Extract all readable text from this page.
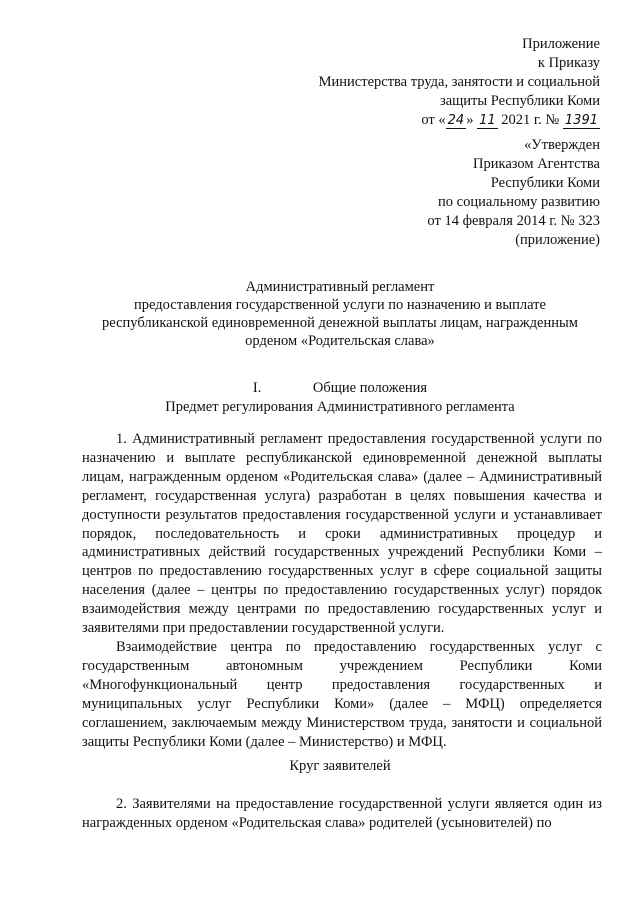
Приложение
к Приказу
Министерства труда, занятости и социальной
защиты Республики Коми
от « 24 » 11 2021 г. № 1391
«Утвержден
Приказом Агентства
Республики Коми
по социальному развитию
от 14 февраля 2014 г. № 323
(приложение)
Административный регламент
предоставления государственной услуги по назначению и выплате
республиканской единовременной денежной выплаты лицам, награжденным
орденом «Родительская слава»
I.	Общие положения
Предмет регулирования Административного регламента

1. Административный регламент предоставления государственной услуги по назначению и выплате республиканской единовременной денежной выплаты лицам, награжденным орденом «Родительская слава» (далее – Административный регламент, государственная услуга) разработан в целях повышения качества и доступности результатов предоставления государственной услуги и устанавливает порядок, последовательность и сроки административных процедур и административных действий государственных учреждений Республики Коми – центров по предоставлению государственных услуг в сфере социальной защиты населения (далее – центры по предоставлению государственных услуг) порядок взаимодействия между центрами по предоставлению государственных услуг и заявителями при предоставлении государственной услуги.

Взаимодействие центра по предоставлению государственных услуг с государственным автономным учреждением Республики Коми «Многофункциональный центр предоставления государственных и муниципальных услуг Республики Коми» (далее – МФЦ) определяется соглашением, заключаемым между Министерством труда, занятости и социальной защиты Республики Коми (далее – Министерство) и МФЦ.

Круг заявителей

2. Заявителями на предоставление государственной услуги является один из награжденных орденом «Родительская слава» родителей (усыновителей) по
